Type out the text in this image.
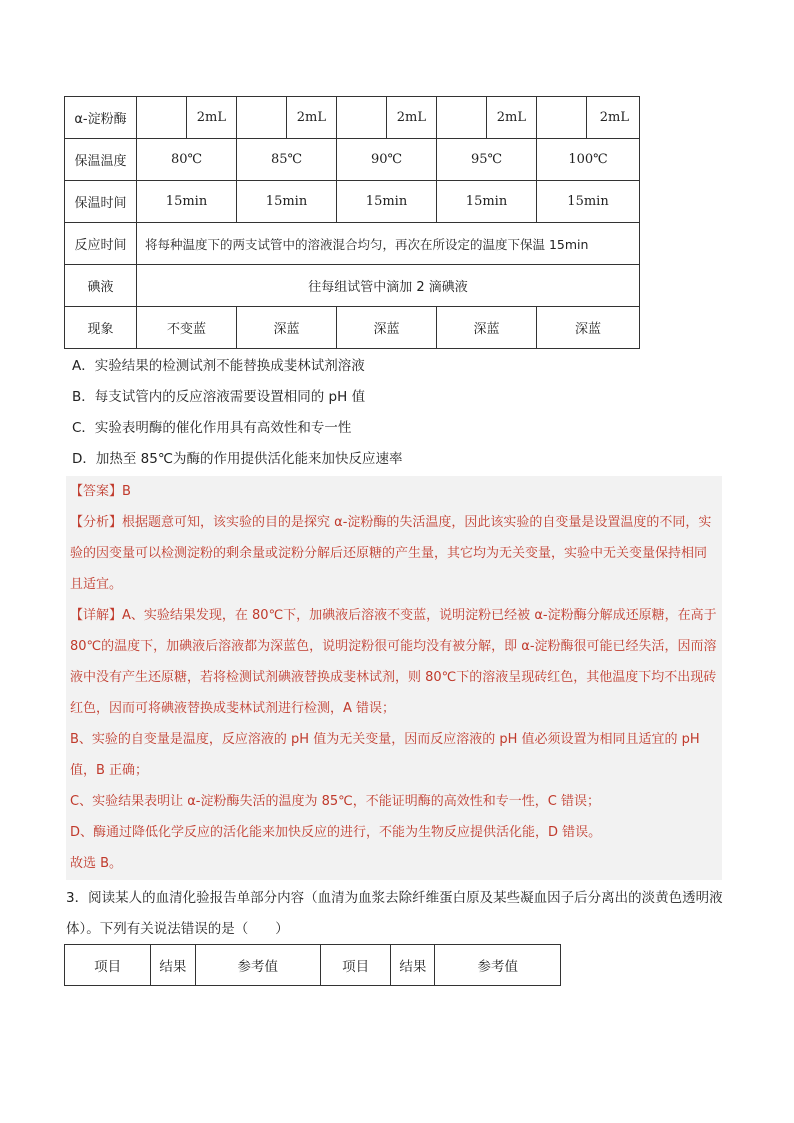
α-淀粉酶		2mL		2mL		2mL		2mL		2mL
保温温度	80℃		85℃		90℃		95℃		100℃	
保温时间	15min		15min		15min		15min		15min	
反应时间	将每种温度下的两支试管中的溶液混合均匀，再次在所设定的温度下保温 15min									
碘液	往每组试管中滴加 2 滴碘液									
现象	不变蓝		深蓝		深蓝		深蓝		深蓝	
A．实验结果的检测试剂不能替换成斐林试剂溶液
B．每支试管内的反应溶液需要设置相同的 pH 值
C．实验表明酶的催化作用具有高效性和专一性
D．加热至 85℃为酶的作用提供活化能来加快反应速率

【答案】B

【分析】根据题意可知，该实验的目的是探究 α-淀粉酶的失活温度，因此该实验的自变量是设置温度的不同，实验的因变量可以检测淀粉的剩余量或淀粉分解后还原糖的产生量，其它均为无关变量，实验中无关变量保持相同且适宜。

【详解】A、实验结果发现，在 80℃下，加碘液后溶液不变蓝，说明淀粉已经被 α-淀粉酶分解成还原糖，在高于 80℃的温度下，加碘液后溶液都为深蓝色，说明淀粉很可能均没有被分解，即 α-淀粉酶很可能已经失活，因而溶液中没有产生还原糖，若将检测试剂碘液替换成斐林试剂，则 80℃下的溶液呈现砖红色，其他温度下均不出现砖红色，因而可将碘液替换成斐林试剂进行检测，A 错误；

B、实验的自变量是温度，反应溶液的 pH 值为无关变量，因而反应溶液的 pH 值必须设置为相同且适宜的 pH 值，B 正确；

C、实验结果表明让 α-淀粉酶失活的温度为 85℃，不能证明酶的高效性和专一性，C 错误；

D、酶通过降低化学反应的活化能来加快反应的进行，不能为生物反应提供活化能，D 错误。

故选 B。

3．阅读某人的血清化验报告单部分内容（血清为血浆去除纤维蛋白原及某些凝血因子后分离出的淡黄色透明液体）。下列有关说法错误的是（　　）
项目	结果	参考值	项目	结果	参考值
